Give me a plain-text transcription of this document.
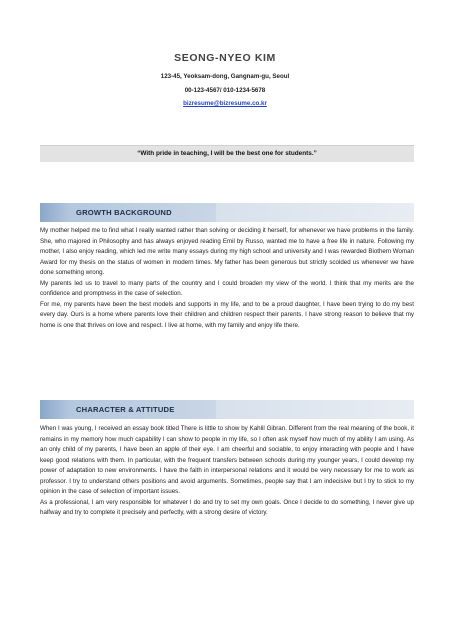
SEONG-NYEO KIM
123-45, Yeoksam-dong, Gangnam-gu, Seoul
00-123-4567/ 010-1234-5678
bizresume@bizresume.co.kr
“With pride in teaching, I will be the best one for students.”
GROWTH BACKGROUND

My mother helped me to find what I really wanted rather than solving or deciding it herself, for whenever we have problems in the family. She, who majored in Philosophy and has always enjoyed reading Emil by Russo, wanted me to have a free life in nature. Following my mother, I also enjoy reading, which led me write many essays during my high school and university and I was rewarded Biothem Woman Award for my thesis on the status of women in modern times. My father has been generous but strictly scolded us whenever we have done something wrong.

My parents led us to travel to many parts of the country and I could broaden my view of the world. I think that my merits are the confidence and promptness in the case of selection.

For me, my parents have been the best models and supports in my life, and to be a proud daughter, I have been trying to do my best every day. Ours is a home where parents love their children and children respect their parents. I have strong reason to believe that my home is one that thrives on love and respect. I live at home, with my family and enjoy life there.

CHARACTER & ATTITUDE

When I was young, I received an essay book titled There is little to show by Kahlil Gibran. Different from the real meaning of the book, it remains in my memory how much capability I can show to people in my life, so I often ask myself how much of my ability I am using. As an only child of my parents, I have been an apple of their eye. I am cheerful and sociable, to enjoy interacting with people and I have keep good relations with them. In particular, with the frequent transfers between schools during my younger years, I could develop my power of adaptation to new environments. I have the faith in interpersonal relations and it would be very necessary for me to work as professor. I try to understand others positions and avoid arguments. Sometimes, people say that I am indecisive but I try to stick to my opinion in the case of selection of important issues.

As a professional, I am very responsible for whatever I do and try to set my own goals. Once I decide to do something, I never give up halfway and try to complete it precisely and perfectly, with a strong desire of victory.
